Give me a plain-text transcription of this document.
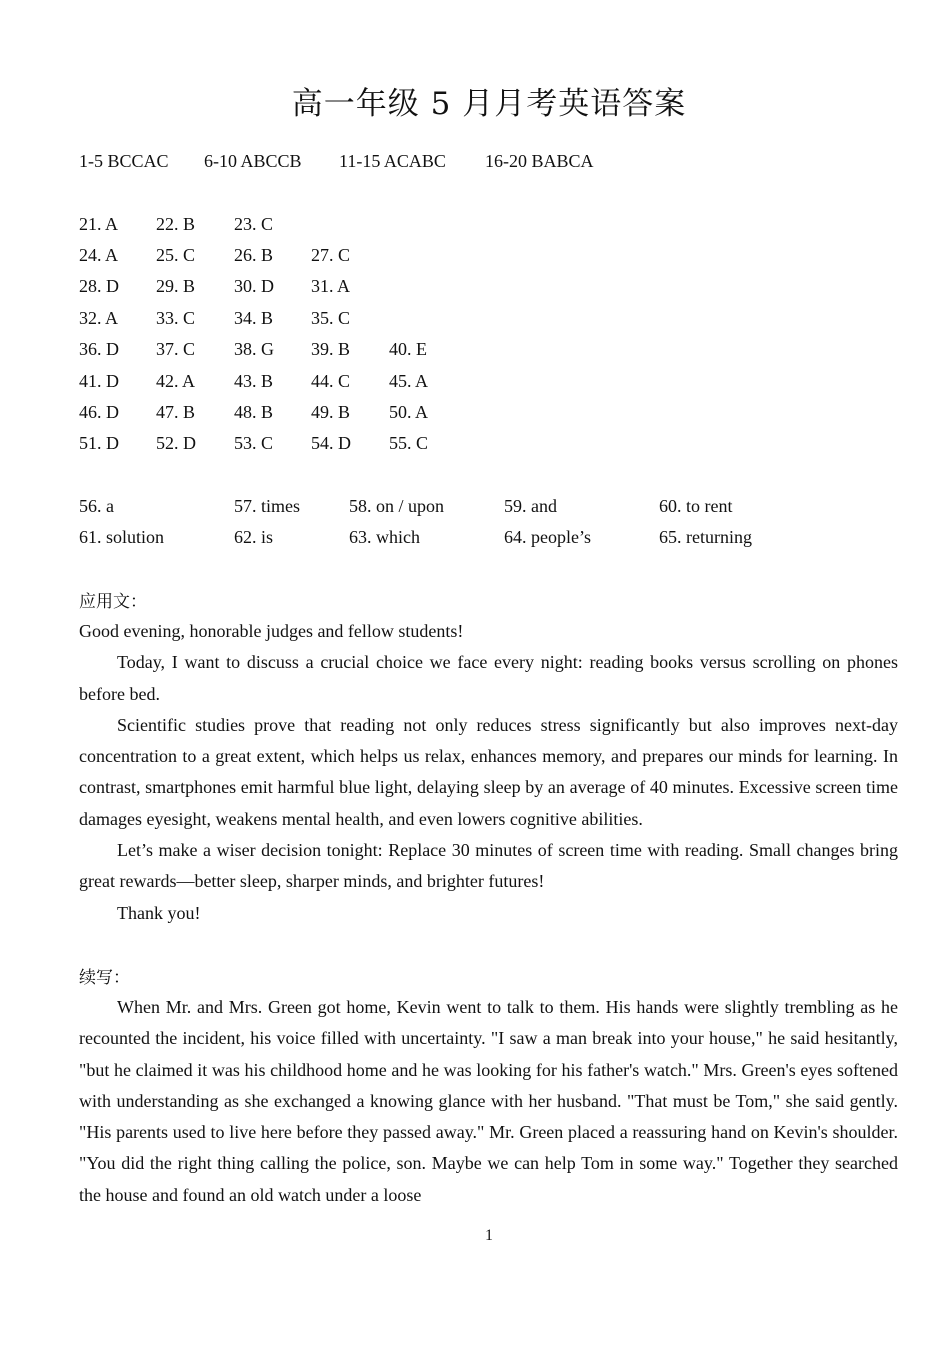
高一年级 5 月月考英语答案
1-5 BCCAC 6-10 ABCCB 11-15 ACABC 16-20 BABCA
21. A 22. B 23. C
24. A 25. C 26. B 27. C
28. D 29. B 30. D 31. A
32. A 33. C 34. B 35. C
36. D 37. C 38. G 39. B 40. E
41. D 42. A 43. B 44. C 45. A
46. D 47. B 48. B 49. B 50. A
51. D 52. D 53. C 54. D 55. C
56. a	57. times	58. on / upon	59. and	60. to rent
61. solution	62. is	63. which	64. people’s	65. returning
应用文：
Good evening, honorable judges and fellow students!
Today, I want to discuss a crucial choice we face every night: reading books versus scrolling on phones before bed.
Scientific studies prove that reading not only reduces stress significantly but also improves next-day concentration to a great extent, which helps us relax, enhances memory, and prepares our minds for learning. In contrast, smartphones emit harmful blue light, delaying sleep by an average of 40 minutes. Excessive screen time damages eyesight, weakens mental health, and even lowers cognitive abilities.
Let’s make a wiser decision tonight: Replace 30 minutes of screen time with reading. Small changes bring great rewards—better sleep, sharper minds, and brighter futures!
Thank you!
续写：
When Mr. and Mrs. Green got home, Kevin went to talk to them. His hands were slightly trembling as he recounted the incident, his voice filled with uncertainty. "I saw a man break into your house," he said hesitantly, "but he claimed it was his childhood home and he was looking for his father's watch." Mrs. Green's eyes softened with understanding as she exchanged a knowing glance with her husband. "That must be Tom," she said gently. "His parents used to live here before they passed away." Mr. Green placed a reassuring hand on Kevin's shoulder. "You did the right thing calling the police, son. Maybe we can help Tom in some way." Together they searched the house and found an old watch under a loose
1
